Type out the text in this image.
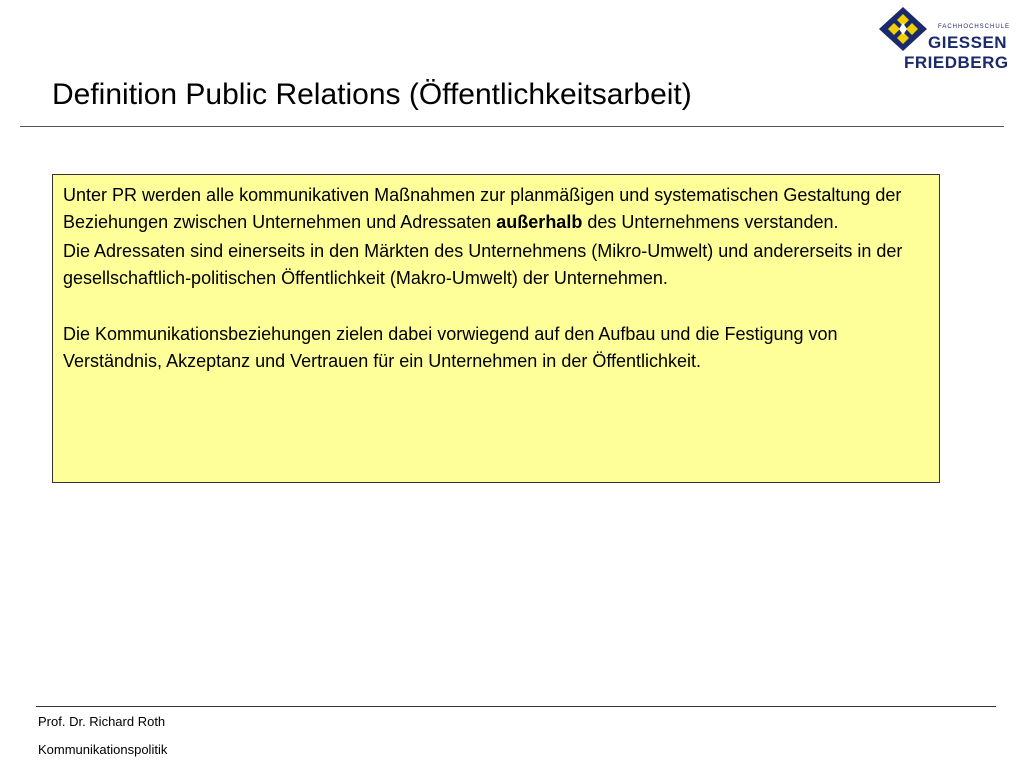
FACHHOCHSCHULE
GIESSEN
FRIEDBERG
Definition Public Relations (Öffentlichkeitsarbeit)

Unter PR werden alle kommunikativen Maßnahmen zur planmäßigen und systematischen Gestaltung der Beziehungen zwischen Unternehmen und Adressaten außerhalb des Unternehmens verstanden.

Die Adressaten sind einerseits in den Märkten des Unternehmens (Mikro-Umwelt) und andererseits in der gesellschaftlich-politischen Öffentlichkeit (Makro-Umwelt) der Unternehmen.

Die Kommunikationsbeziehungen zielen dabei vorwiegend auf den Aufbau und die Festigung von Verständnis, Akzeptanz und Vertrauen für ein Unternehmen in der Öffentlichkeit.

Prof. Dr. Richard Roth
Kommunikationspolitik
